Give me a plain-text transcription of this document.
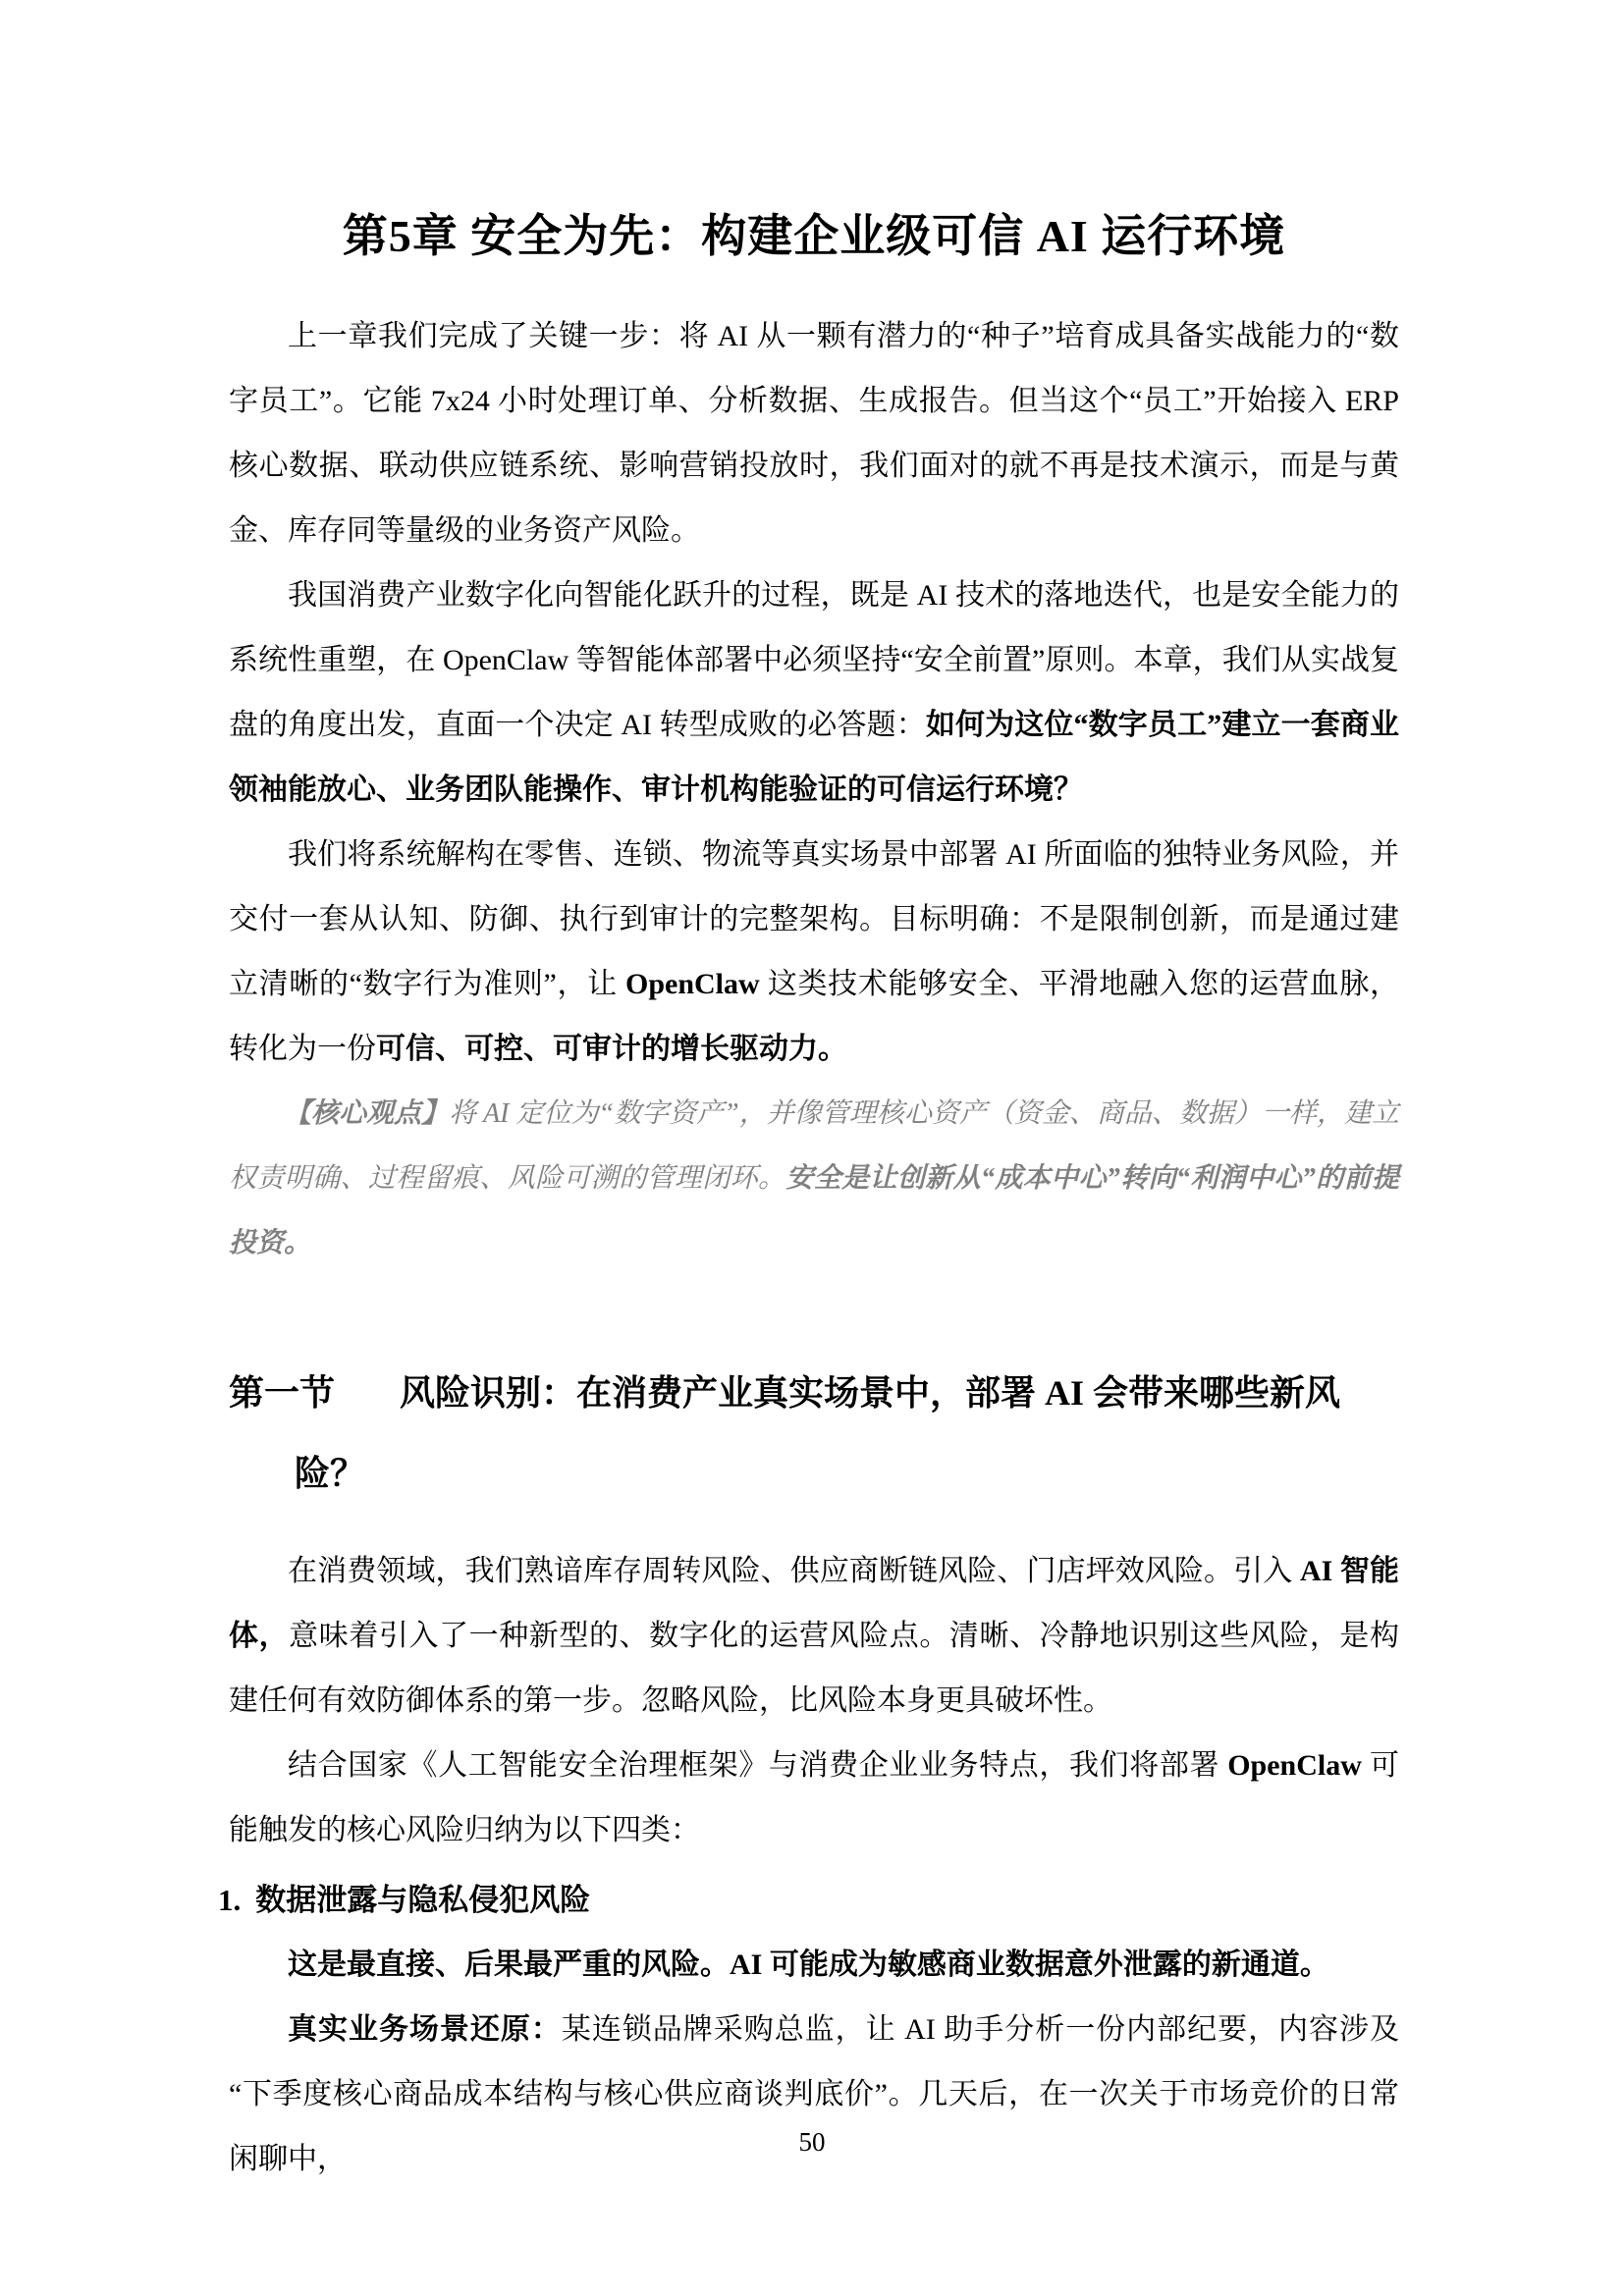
第5章 安全为先：构建企业级可信 AI 运行环境

上一章我们完成了关键一步：将 AI 从一颗有潜力的“种子”培育成具备实战能力的“数字员工”。它能 7x24 小时处理订单、分析数据、生成报告。但当这个“员工”开始接入 ERP 核心数据、联动供应链系统、影响营销投放时，我们面对的就不再是技术演示，而是与黄金、库存同等量级的业务资产风险。

我国消费产业数字化向智能化跃升的过程，既是 AI 技术的落地迭代，也是安全能力的系统性重塑，在 OpenClaw 等智能体部署中必须坚持“安全前置”原则。本章，我们从实战复盘的角度出发，直面一个决定 AI 转型成败的必答题：如何为这位“数字员工”建立一套商业领袖能放心、业务团队能操作、审计机构能验证的可信运行环境？

我们将系统解构在零售、连锁、物流等真实场景中部署 AI 所面临的独特业务风险，并交付一套从认知、防御、执行到审计的完整架构。目标明确：不是限制创新，而是通过建立清晰的“数字行为准则”，让 OpenClaw 这类技术能够安全、平滑地融入您的运营血脉，转化为一份可信、可控、可审计的增长驱动力。

【核心观点】将 AI 定位为“数字资产”，并像管理核心资产（资金、商品、数据）一样，建立权责明确、过程留痕、风险可溯的管理闭环。安全是让创新从“成本中心”转向“利润中心”的前提投资。

第一节 风险识别：在消费产业真实场景中，部署 AI 会带来哪些新风险？

在消费领域，我们熟谙库存周转风险、供应商断链风险、门店坪效风险。引入 AI 智能体，意味着引入了一种新型的、数字化的运营风险点。清晰、冷静地识别这些风险，是构建任何有效防御体系的第一步。忽略风险，比风险本身更具破坏性。

结合国家《人工智能安全治理框架》与消费企业业务特点，我们将部署 OpenClaw 可能触发的核心风险归纳为以下四类：

1. 数据泄露与隐私侵犯风险

这是最直接、后果最严重的风险。AI 可能成为敏感商业数据意外泄露的新通道。

真实业务场景还原：某连锁品牌采购总监，让 AI 助手分析一份内部纪要，内容涉及“下季度核心商品成本结构与核心供应商谈判底价”。几天后，在一次关于市场竞价的日常闲聊中，

50
